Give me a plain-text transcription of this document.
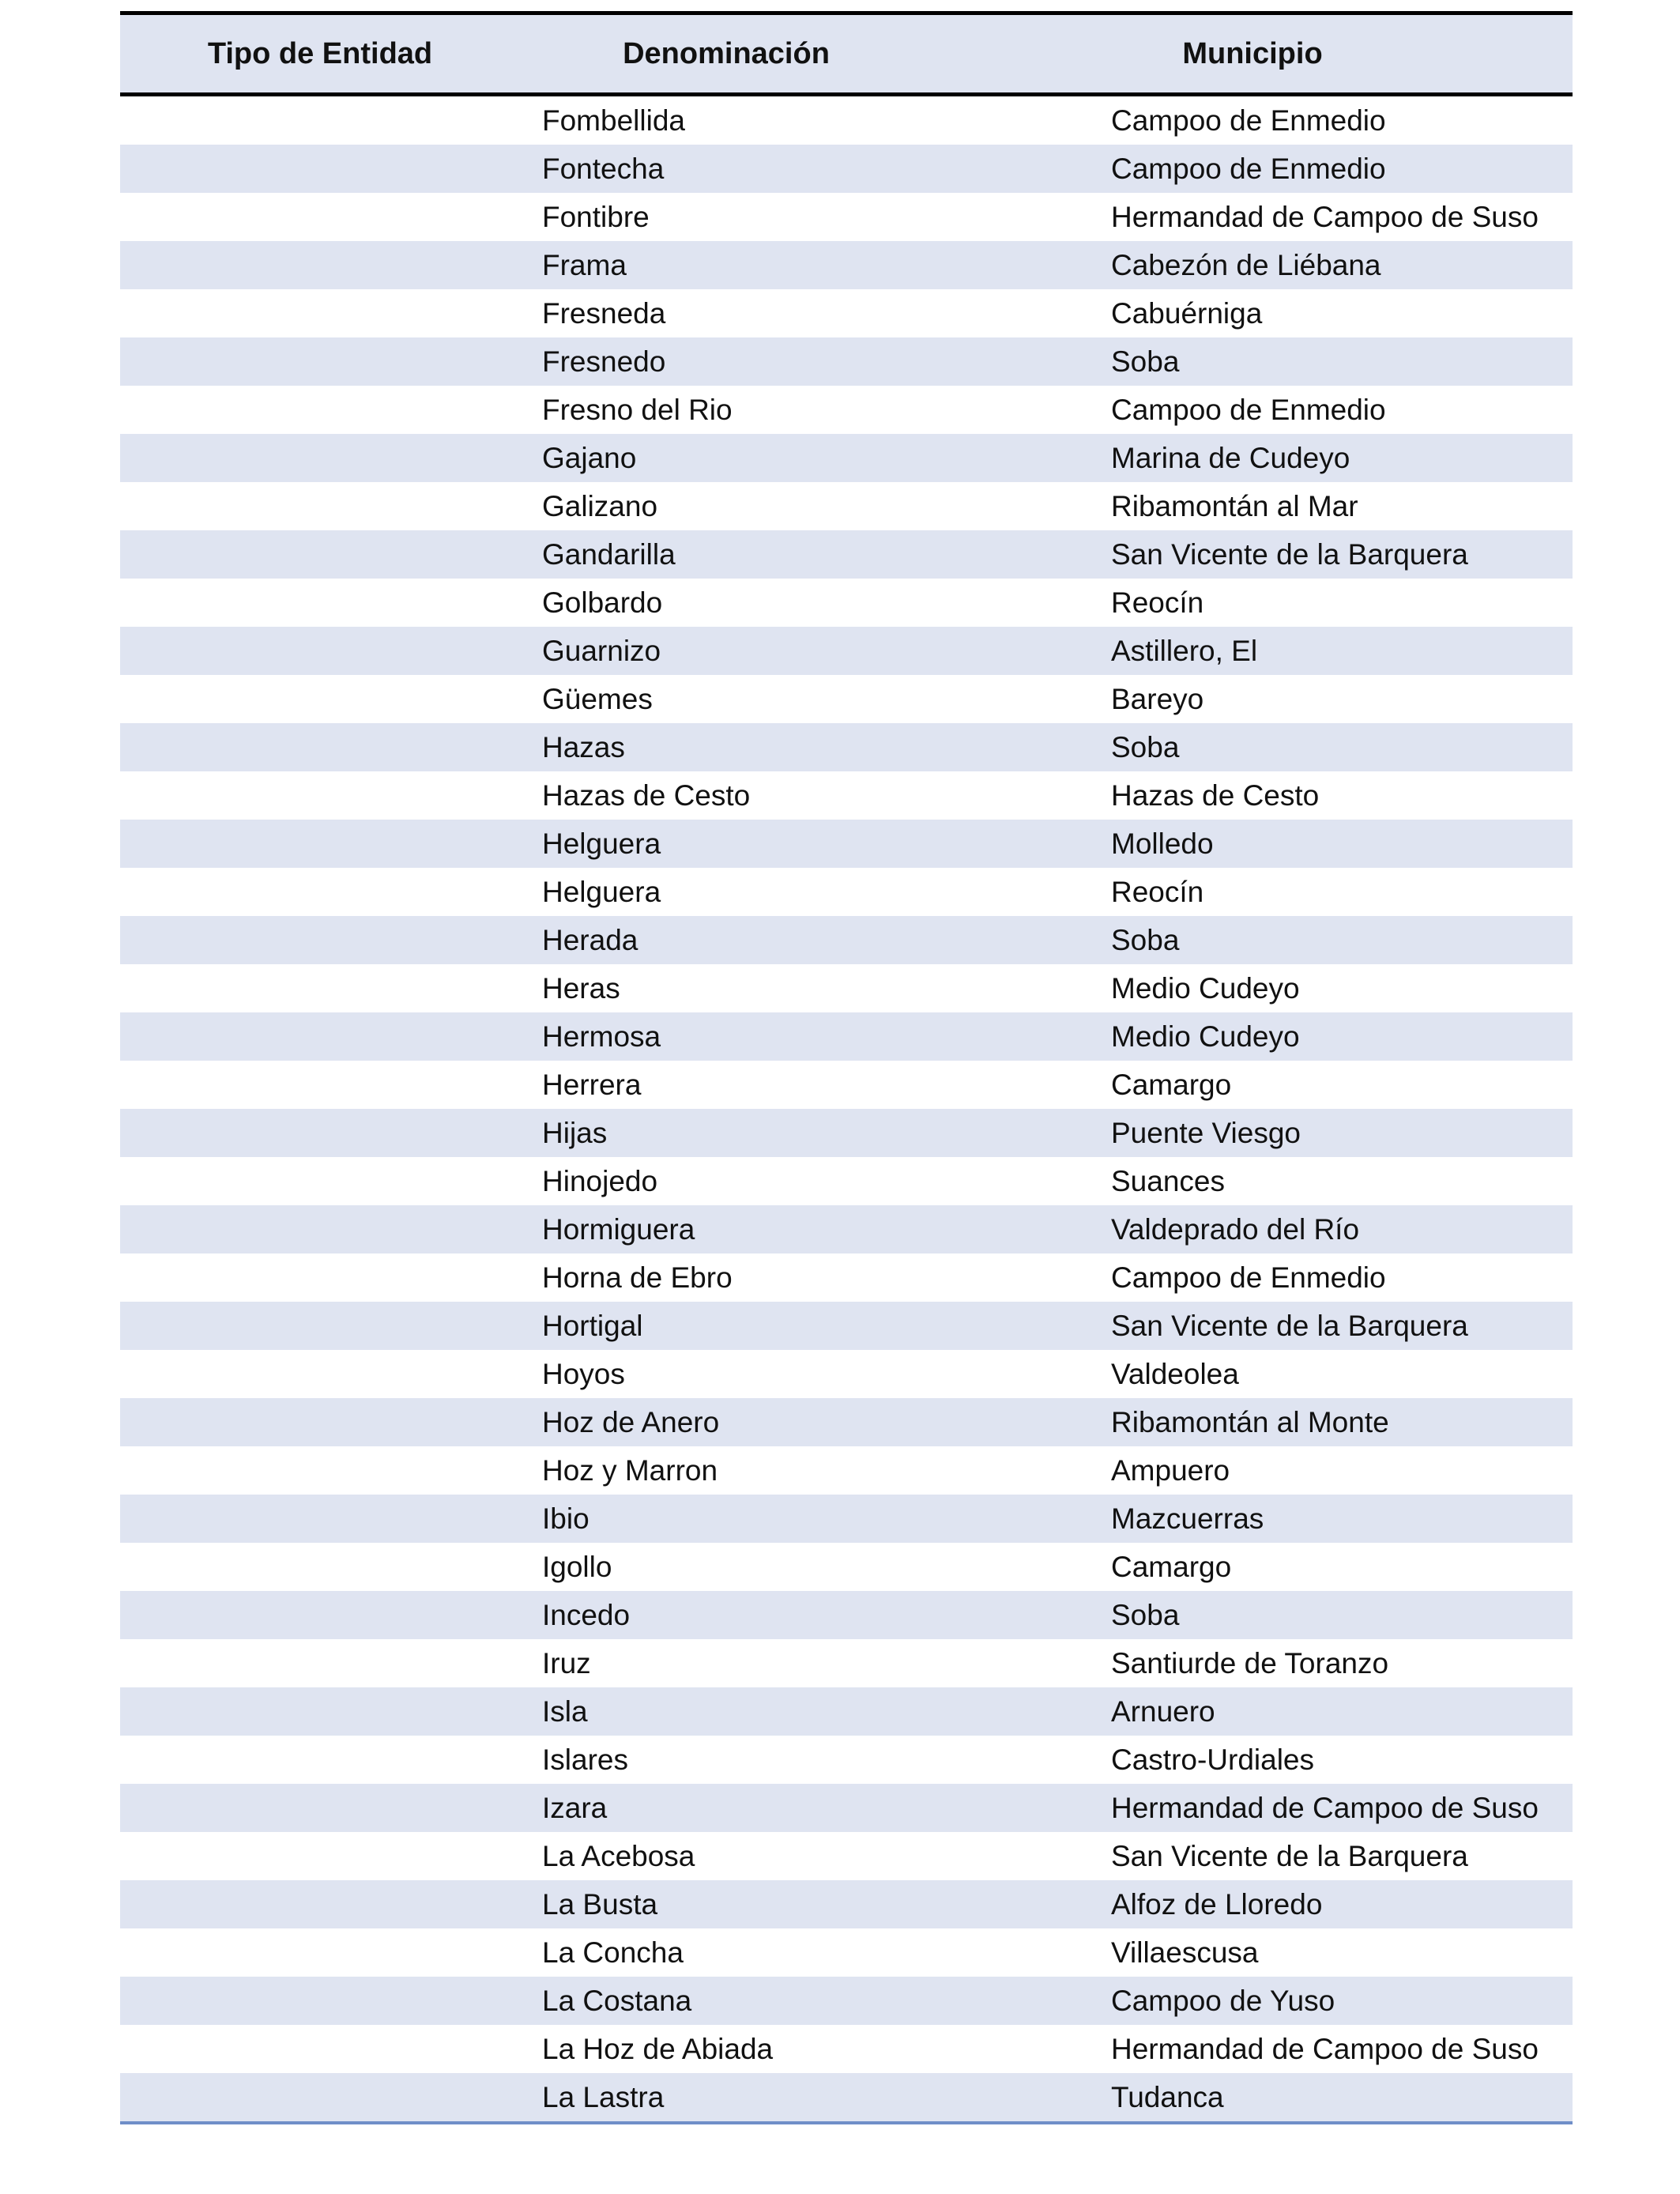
Tipo de Entidad	Denominación	Municipio
Fombellida	Campoo de Enmedio
Fontecha	Campoo de Enmedio
Fontibre	Hermandad de Campoo de Suso
Frama	Cabezón de Liébana
Fresneda	Cabuérniga
Fresnedo	Soba
Fresno del Rio	Campoo de Enmedio
Gajano	Marina de Cudeyo
Galizano	Ribamontán al Mar
Gandarilla	San Vicente de la Barquera
Golbardo	Reocín
Guarnizo	Astillero, El
Güemes	Bareyo
Hazas	Soba
Hazas de Cesto	Hazas de Cesto
Helguera	Molledo
Helguera	Reocín
Herada	Soba
Heras	Medio Cudeyo
Hermosa	Medio Cudeyo
Herrera	Camargo
Hijas	Puente Viesgo
Hinojedo	Suances
Hormiguera	Valdeprado del Río
Horna de Ebro	Campoo de Enmedio
Hortigal	San Vicente de la Barquera
Hoyos	Valdeolea
Hoz de Anero	Ribamontán al Monte
Hoz y Marron	Ampuero
Ibio	Mazcuerras
Igollo	Camargo
Incedo	Soba
Iruz	Santiurde de Toranzo
Isla	Arnuero
Islares	Castro-Urdiales
Izara	Hermandad de Campoo de Suso
La Acebosa	San Vicente de la Barquera
La Busta	Alfoz de Lloredo
La Concha	Villaescusa
La Costana	Campoo de Yuso
La Hoz de Abiada	Hermandad de Campoo de Suso
La Lastra	Tudanca
